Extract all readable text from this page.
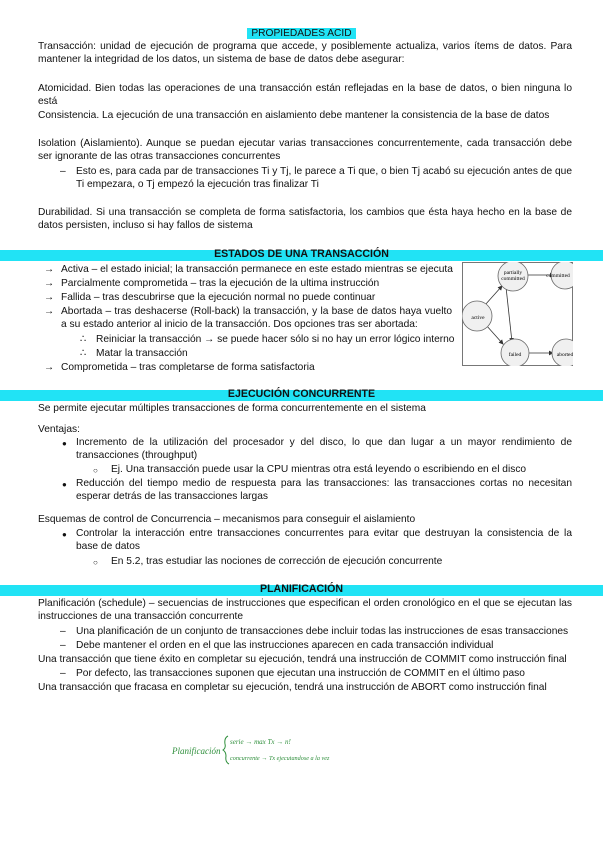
PROPIEDADES ACID

Transacción: unidad de ejecución de programa que accede, y posiblemente actualiza, varios ítems de datos. Para mantener la integridad de los datos, un sistema de base de datos debe asegurar:

Atomicidad. Bien todas las operaciones de una transacción están reflejadas en la base de datos, o bien ninguna lo está

Consistencia. La ejecución de una transacción en aislamiento debe mantener la consistencia de la base de datos

Isolation (Aislamiento). Aunque se puedan ejecutar varias transacciones concurrentemente, cada transacción debe ser ignorante de las otras transacciones concurrentes

–	Esto es, para cada par de transacciones Ti y Tj, le parece a Ti que, o bien Tj acabó su ejecución antes de que Ti empezara, o Tj empezó la ejecución tras finalizar Ti

Durabilidad. Si una transacción se completa de forma satisfactoria, los cambios que ésta haya hecho en la base de datos persisten, incluso si hay fallos de sistema

ESTADOS DE UNA TRANSACCIÓN
→ Activa – el estado inicial; la transacción permanece en este estado mientras se ejecuta
→ Parcialmente comprometida – tras la ejecución de la ultima instrucción
→ Fallida – tras descubrirse que la ejecución normal no puede continuar
→ Abortada – tras deshacerse (Roll-back) la transacción, y la base de datos haya vuelto a su estado anterior al inicio de la transacción. Dos opciones tras ser abortada:

∴ Reiniciar la transacción → se puede hacer sólo si no hay un error lógico interno
∴ Matar la transacción
→ Comprometida – tras completarse de forma satisfactoria
partially
committed	committed
active
failed	aborted
EJECUCIÓN CONCURRENTE
Se permite ejecutar múltiples transacciones de forma concurrentemente en el sistema
Ventajas:
● Incremento de la utilización del procesador y del disco, lo que dan lugar a un mayor rendimiento de transacciones (throughput)

○ Ej. Una transacción puede usar la CPU mientras otra está leyendo o escribiendo en el disco
● Reducción del tiempo medio de respuesta para las transacciones: las transacciones cortas no necesitan esperar detrás de las transacciones largas

Esquemas de control de Concurrencia – mecanismos para conseguir el aislamiento
● Controlar la interacción entre transacciones concurrentes para evitar que destruyan la consistencia de la base de datos

○ En 5.2, tras estudiar las nociones de corrección de ejecución concurrente
PLANIFICACIÓN

Planificación (schedule) – secuencias de instrucciones que especifican el orden cronológico en el que se ejecutan las instrucciones de una transacción concurrente

–	Una planificación de un conjunto de transacciones debe incluir todas las instrucciones de esas transacciones
–	Debe mantener el orden en el que las instrucciones aparecen en cada transacción individual
Una transacción que tiene éxito en completar su ejecución, tendrá una instrucción de COMMIT como instrucción final
–	Por defecto, las transacciones suponen que ejecutan una instrucción de COMMIT en el último paso
Una transacción que fracasa en completar su ejecución, tendrá una instrucción de ABORT como instrucción final
Planificación
serie → max Tx → n!
concurrente → Tx ejecutandose a la vez
